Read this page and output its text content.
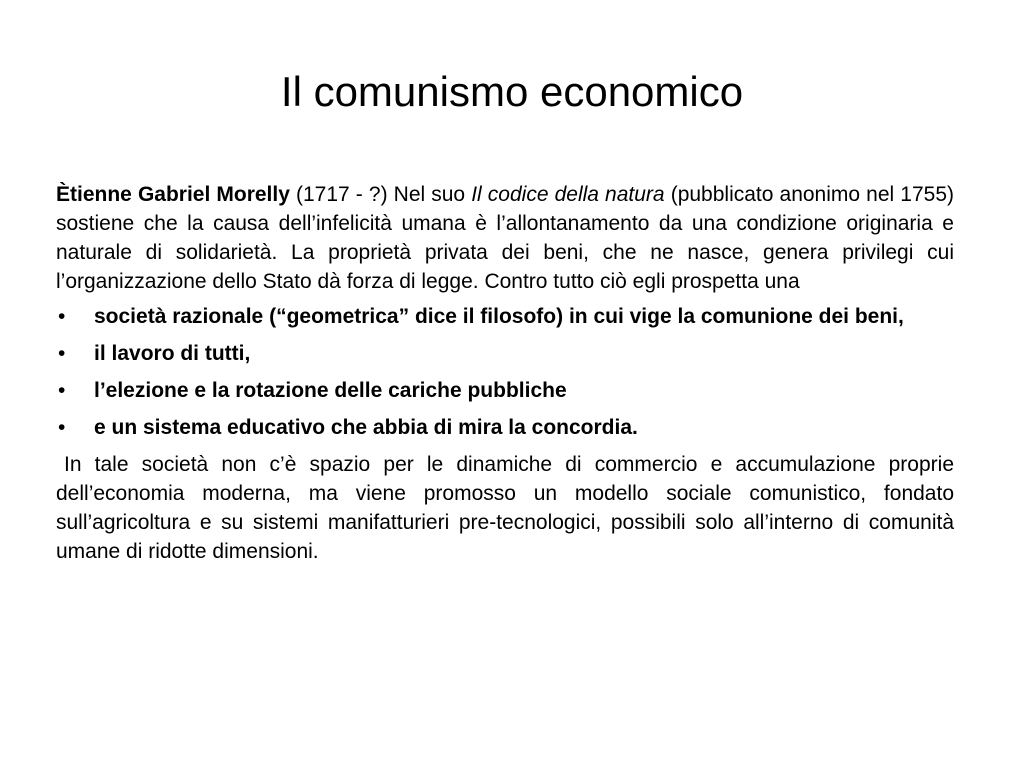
Il comunismo economico

Ètienne Gabriel Morelly (1717 - ?) Nel suo Il codice della natura (pubblicato anonimo nel 1755) sostiene che la causa dell’infelicità umana è l’allontanamento da una condizione originaria e naturale di solidarietà. La proprietà privata dei beni, che ne nasce, genera privilegi cui l’organizzazione dello Stato dà forza di legge. Contro tutto ciò egli prospetta una

• società razionale (“geometrica” dice il filosofo) in cui vige la comunione dei beni,
• il lavoro di tutti,
• l’elezione e la rotazione delle cariche pubbliche
• e un sistema educativo che abbia di mira la concordia.

In tale società non c’è spazio per le dinamiche di commercio e accumulazione proprie dell’economia moderna, ma viene promosso un modello sociale comunistico, fondato sull’agricoltura e su sistemi manifatturieri pre-tecnologici, possibili solo all’interno di comunità umane di ridotte dimensioni.
